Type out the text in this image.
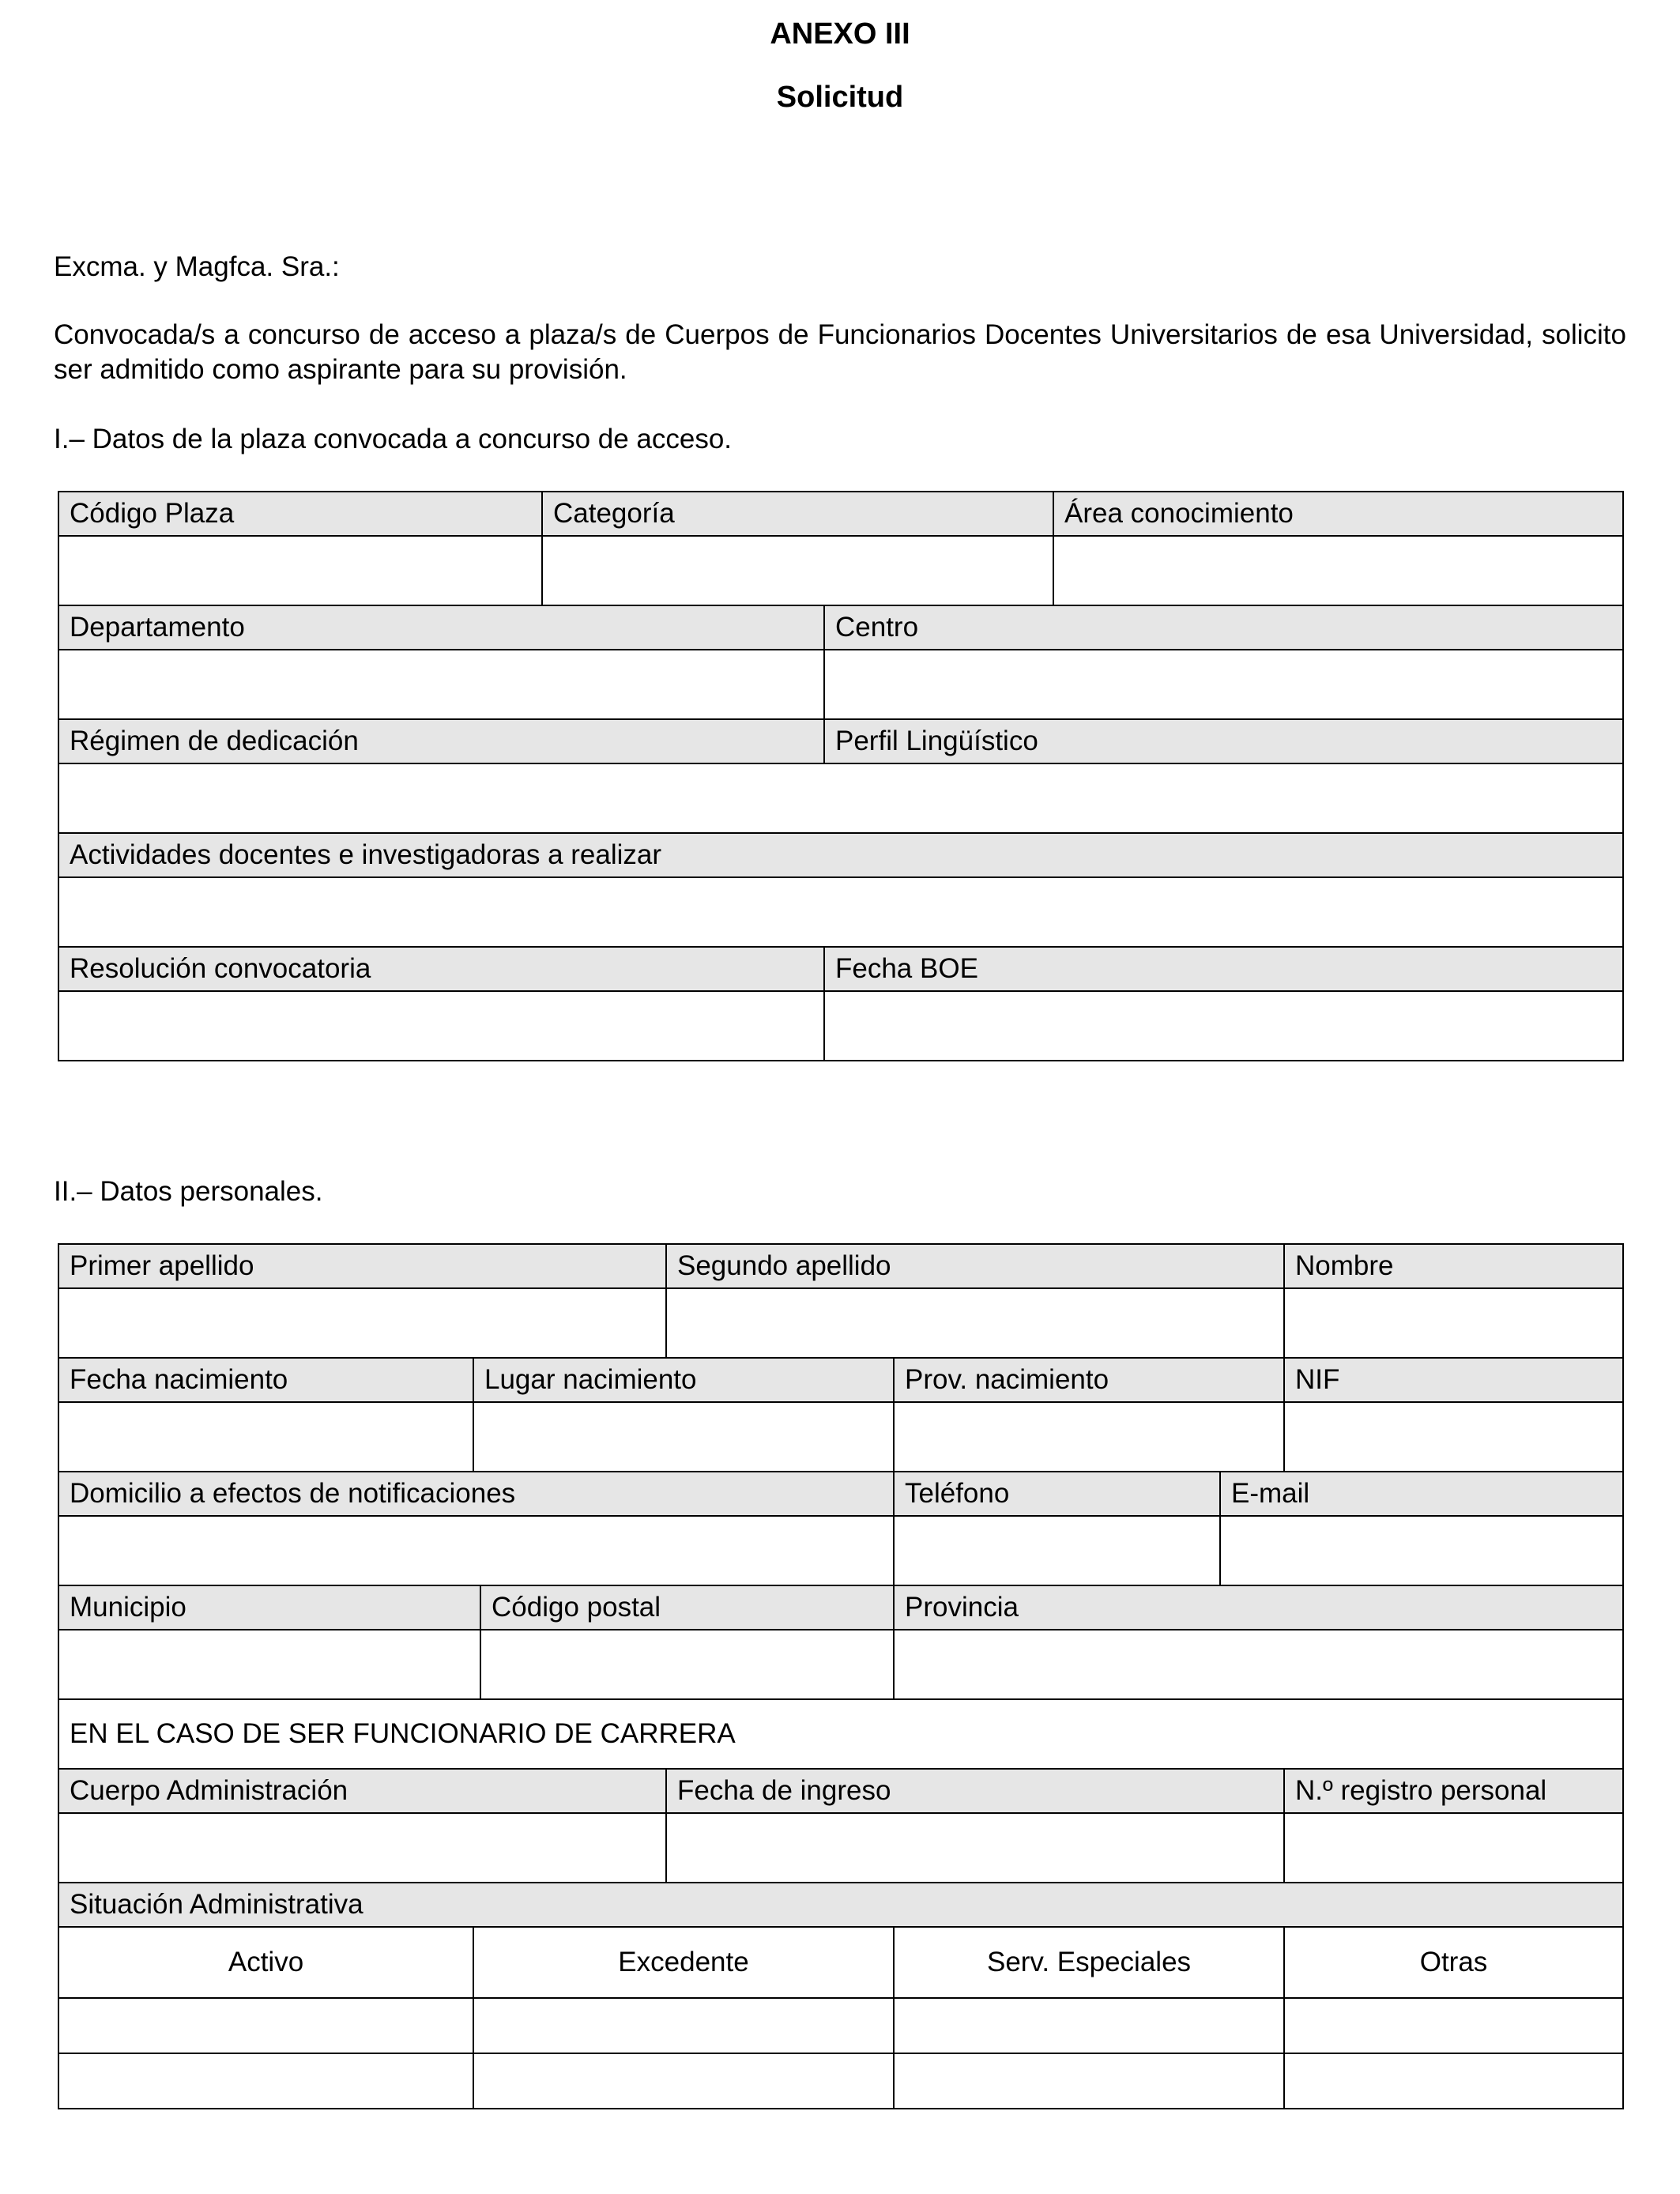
ANEXO III
Solicitud
Excma. y Magfca. Sra.:
Convocada/s a concurso de acceso a plaza/s de Cuerpos de Funcionarios Docentes Universitarios de esa Universidad, solicito ser admitido como aspirante para su provisión.
I.– Datos de la plaza convocada a concurso de acceso.
Código Plaza	Categoría		Área conocimiento

Departamento		Centro	

Régimen de dedicación		Perfil Lingüístico	

Actividades docentes e investigadoras a realizar			

Resolución convocatoria		Fecha BOE	

II.– Datos personales.
Primer apellido			Segundo apellido			Nombre

Fecha nacimiento	Lugar nacimiento			Prov. nacimiento		NIF

Domicilio a efectos de notificaciones				Teléfono	E-mail	

Municipio		Código postal		Provincia		

EN EL CASO DE SER FUNCIONARIO DE CARRERA						
Cuerpo Administración			Fecha de ingreso			N.º registro personal

Situación Administrativa						
Activo	Excedente			Serv. Especiales		Otras
